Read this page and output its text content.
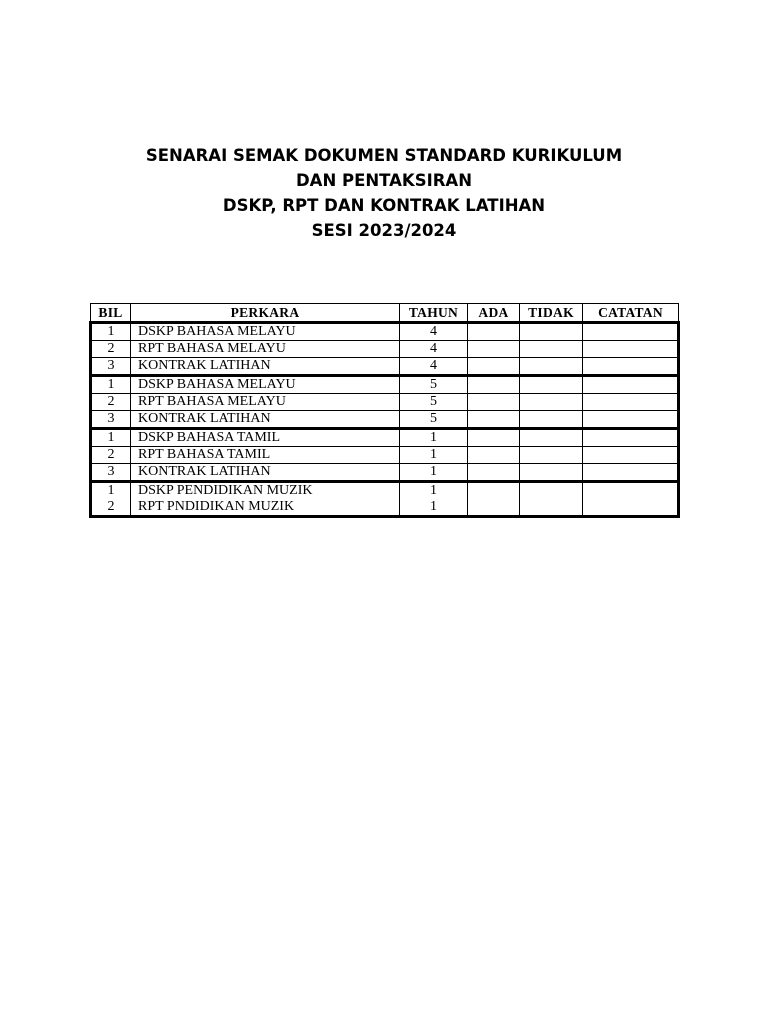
SENARAI SEMAK DOKUMEN STANDARD KURIKULUM
DAN PENTAKSIRAN
DSKP, RPT DAN KONTRAK LATIHAN
SESI 2023/2024
BIL	PERKARA	TAHUN	ADA	TIDAK	CATATAN
1	DSKP BAHASA MELAYU	4			
2	RPT BAHASA MELAYU	4			
3	KONTRAK LATIHAN	4			
1	DSKP BAHASA MELAYU	5			
2	RPT BAHASA MELAYU	5			
3	KONTRAK LATIHAN	5			
1	DSKP BAHASA TAMIL	1			
2	RPT BAHASA TAMIL	1			
3	KONTRAK LATIHAN	1			
1	DSKP PENDIDIKAN MUZIK	1			
2	RPT PNDIDIKAN MUZIK	1			
